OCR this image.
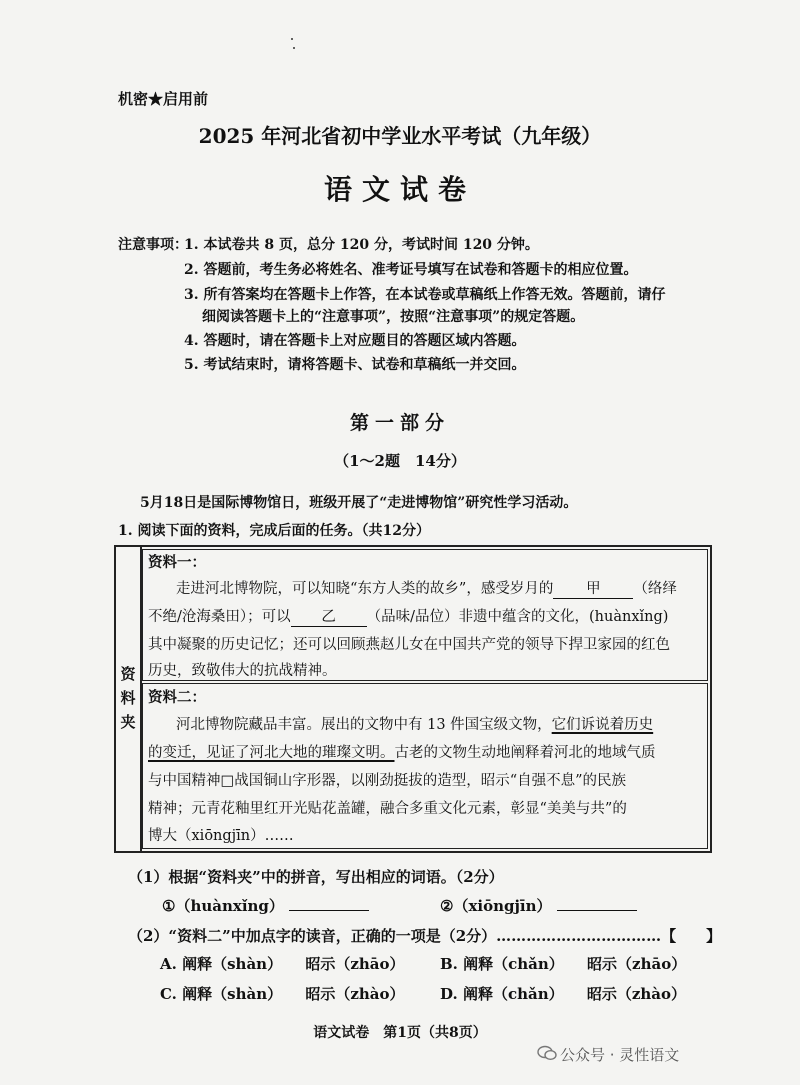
机密★启用前
2025 年河北省初中学业水平考试（九年级）
语文试卷
注意事项：
1. 本试卷共 8 页，总分 120 分，考试时间 120 分钟。
2. 答题前，考生务必将姓名、准考证号填写在试卷和答题卡的相应位置。
3. 所有答案均在答题卡上作答，在本试卷或草稿纸上作答无效。答题前，请仔
细阅读答题卡上的“注意事项”，按照“注意事项”的规定答题。
4. 答题时，请在答题卡上对应题目的答题区域内答题。
5. 考试结束时，请将答题卡、试卷和草稿纸一并交回。
第一部分
（1～2题　14分）
5月18日是国际博物馆日，班级开展了“走进博物馆”研究性学习活动。
1. 阅读下面的资料，完成后面的任务。（共12分）
资
料
夹
资料一：
走进河北博物院，可以知晓“东方人类的故乡”，感受岁月的 甲 （络绎
不绝/沧海桑田）；可以 乙 （品味/品位）非遗中蕴含的文化，(huànxǐng)
其中凝聚的历史记忆；还可以回顾燕赵儿女在中国共产党的领导下捍卫家园的红色
历史，致敬伟大的抗战精神。
资料二：
河北博物院藏品丰富。展出的文物中有 13 件国宝级文物，它们诉说着历史
的变迁，见证了河北大地的璀璨文明。古老的文物生动地阐释着河北的地域气质
与中国精神□战国铜山字形器，以刚劲挺拔的造型，昭示“自强不息”的民族
精神；元青花釉里红开光贴花盖罐，融合多重文化元素，彰显“美美与共”的
博大（xiōngjīn）……
（1）根据“资料夹”中的拼音，写出相应的词语。（2分）
①（huànxǐng）	②（xiōngjīn）
（2）“资料二”中加点字的读音，正确的一项是（2分）……………………………【　　】
A. 阐释（shàn） 昭示（zhāo） B. 阐释（chǎn） 昭示（zhāo）
C. 阐释（shàn） 昭示（zhào） D. 阐释（chǎn） 昭示（zhào）
语文试卷　第1页（共8页）
公众号 · 灵性语文
